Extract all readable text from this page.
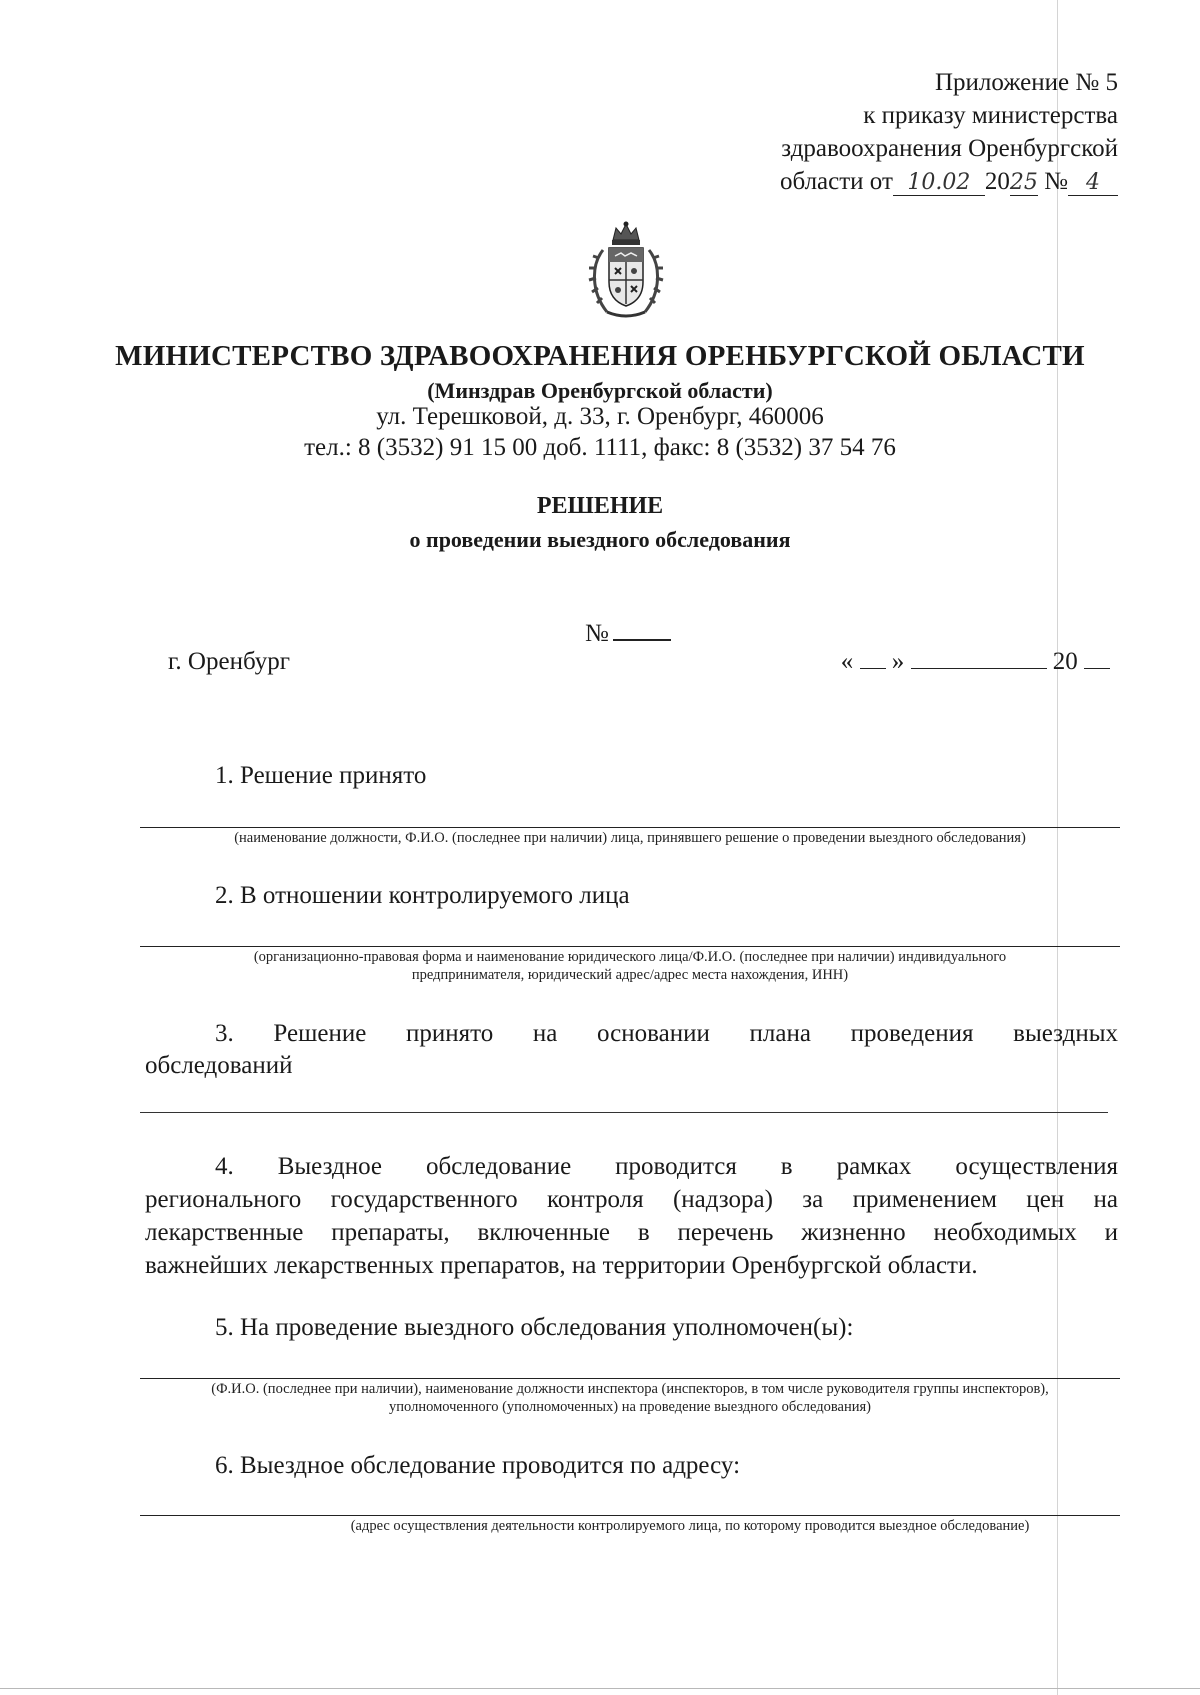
Приложение № 5
к приказу министерства
здравоохранения Оренбургской
области от 10.02 2025 № 4
МИНИСТЕРСТВО ЗДРАВООХРАНЕНИЯ ОРЕНБУРГСКОЙ ОБЛАСТИ
(Минздрав Оренбургской области)
ул. Терешковой, д. 33, г. Оренбург, 460006
тел.: 8 (3532) 91 15 00 доб. 1111, факс: 8 (3532) 37 54 76
РЕШЕНИЕ
о проведении выездного обследования
№
г. Оренбург	« »	20
1. Решение принято
(наименование должности, Ф.И.О. (последнее при наличии) лица, принявшего решение о проведении выездного обследования)
2. В отношении контролируемого лица
(организационно-правовая форма и наименование юридического лица/Ф.И.О. (последнее при наличии) индивидуального
предпринимателя, юридический адрес/адрес места нахождения, ИНН)
3. Решение принято на основании плана проведения выездных
обследований
4. Выездное обследование проводится в рамках осуществления
регионального государственного контроля (надзора) за применением цен на
лекарственные препараты, включенные в перечень жизненно необходимых и
важнейших лекарственных препаратов, на территории Оренбургской области.
5. На проведение выездного обследования уполномочен(ы):
(Ф.И.О. (последнее при наличии), наименование должности инспектора (инспекторов, в том числе руководителя группы инспекторов),
уполномоченного (уполномоченных) на проведение выездного обследования)
6. Выездное обследование проводится по адресу:
(адрес осуществления деятельности контролируемого лица, по которому проводится выездное обследование)
